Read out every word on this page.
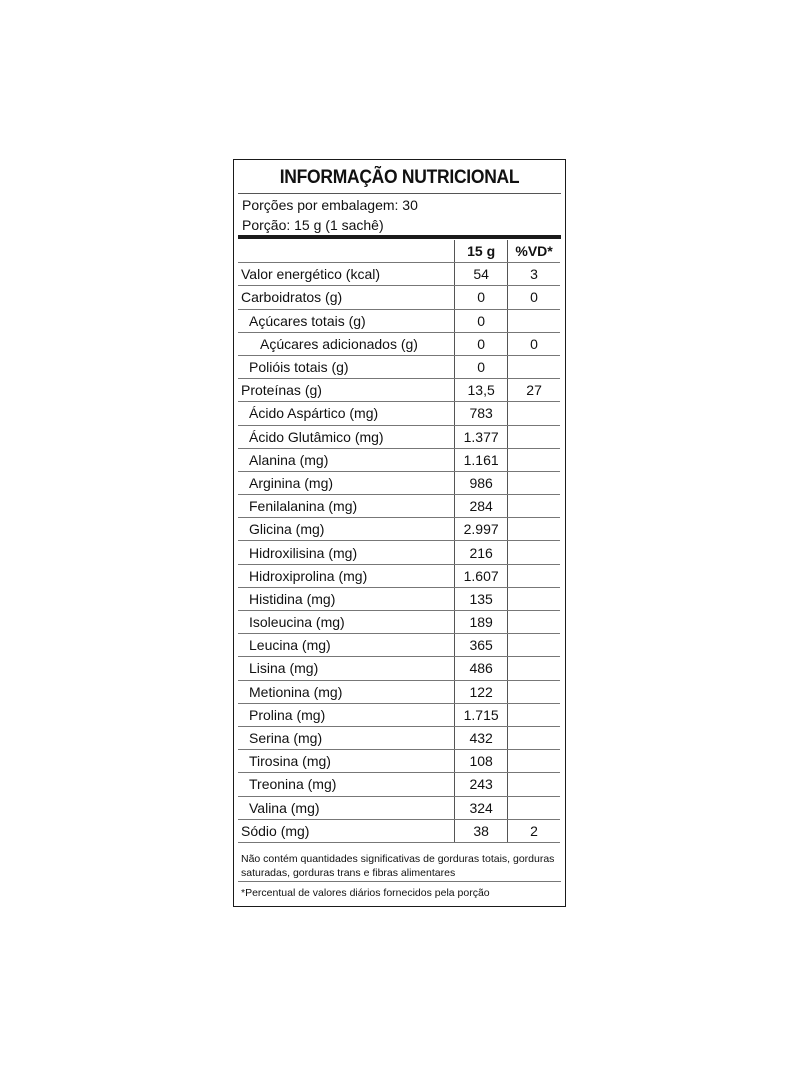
INFORMAÇÃO NUTRICIONAL
Porções por embalagem: 30
Porção: 15 g (1 sachê)
	15 g	%VD*
Valor energético (kcal)	54	3
Carboidratos (g)	0	0
Açúcares totais (g)	0	
Açúcares adicionados (g)	0	0
Polióis totais (g)	0	
Proteínas (g)	13,5	27
Ácido Aspártico (mg)	783	
Ácido Glutâmico (mg)	1.377	
Alanina (mg)	1.161	
Arginina (mg)	986	
Fenilalanina (mg)	284	
Glicina (mg)	2.997	
Hidroxilisina (mg)	216	
Hidroxiprolina (mg)	1.607	
Histidina (mg)	135	
Isoleucina (mg)	189	
Leucina (mg)	365	
Lisina (mg)	486	
Metionina (mg)	122	
Prolina (mg)	1.715	
Serina (mg)	432	
Tirosina (mg)	108	
Treonina (mg)	243	
Valina (mg)	324	
Sódio (mg)	38	2
Não contém quantidades significativas de gorduras totais, gorduras saturadas, gorduras trans e fibras alimentares
*Percentual de valores diários fornecidos pela porção
